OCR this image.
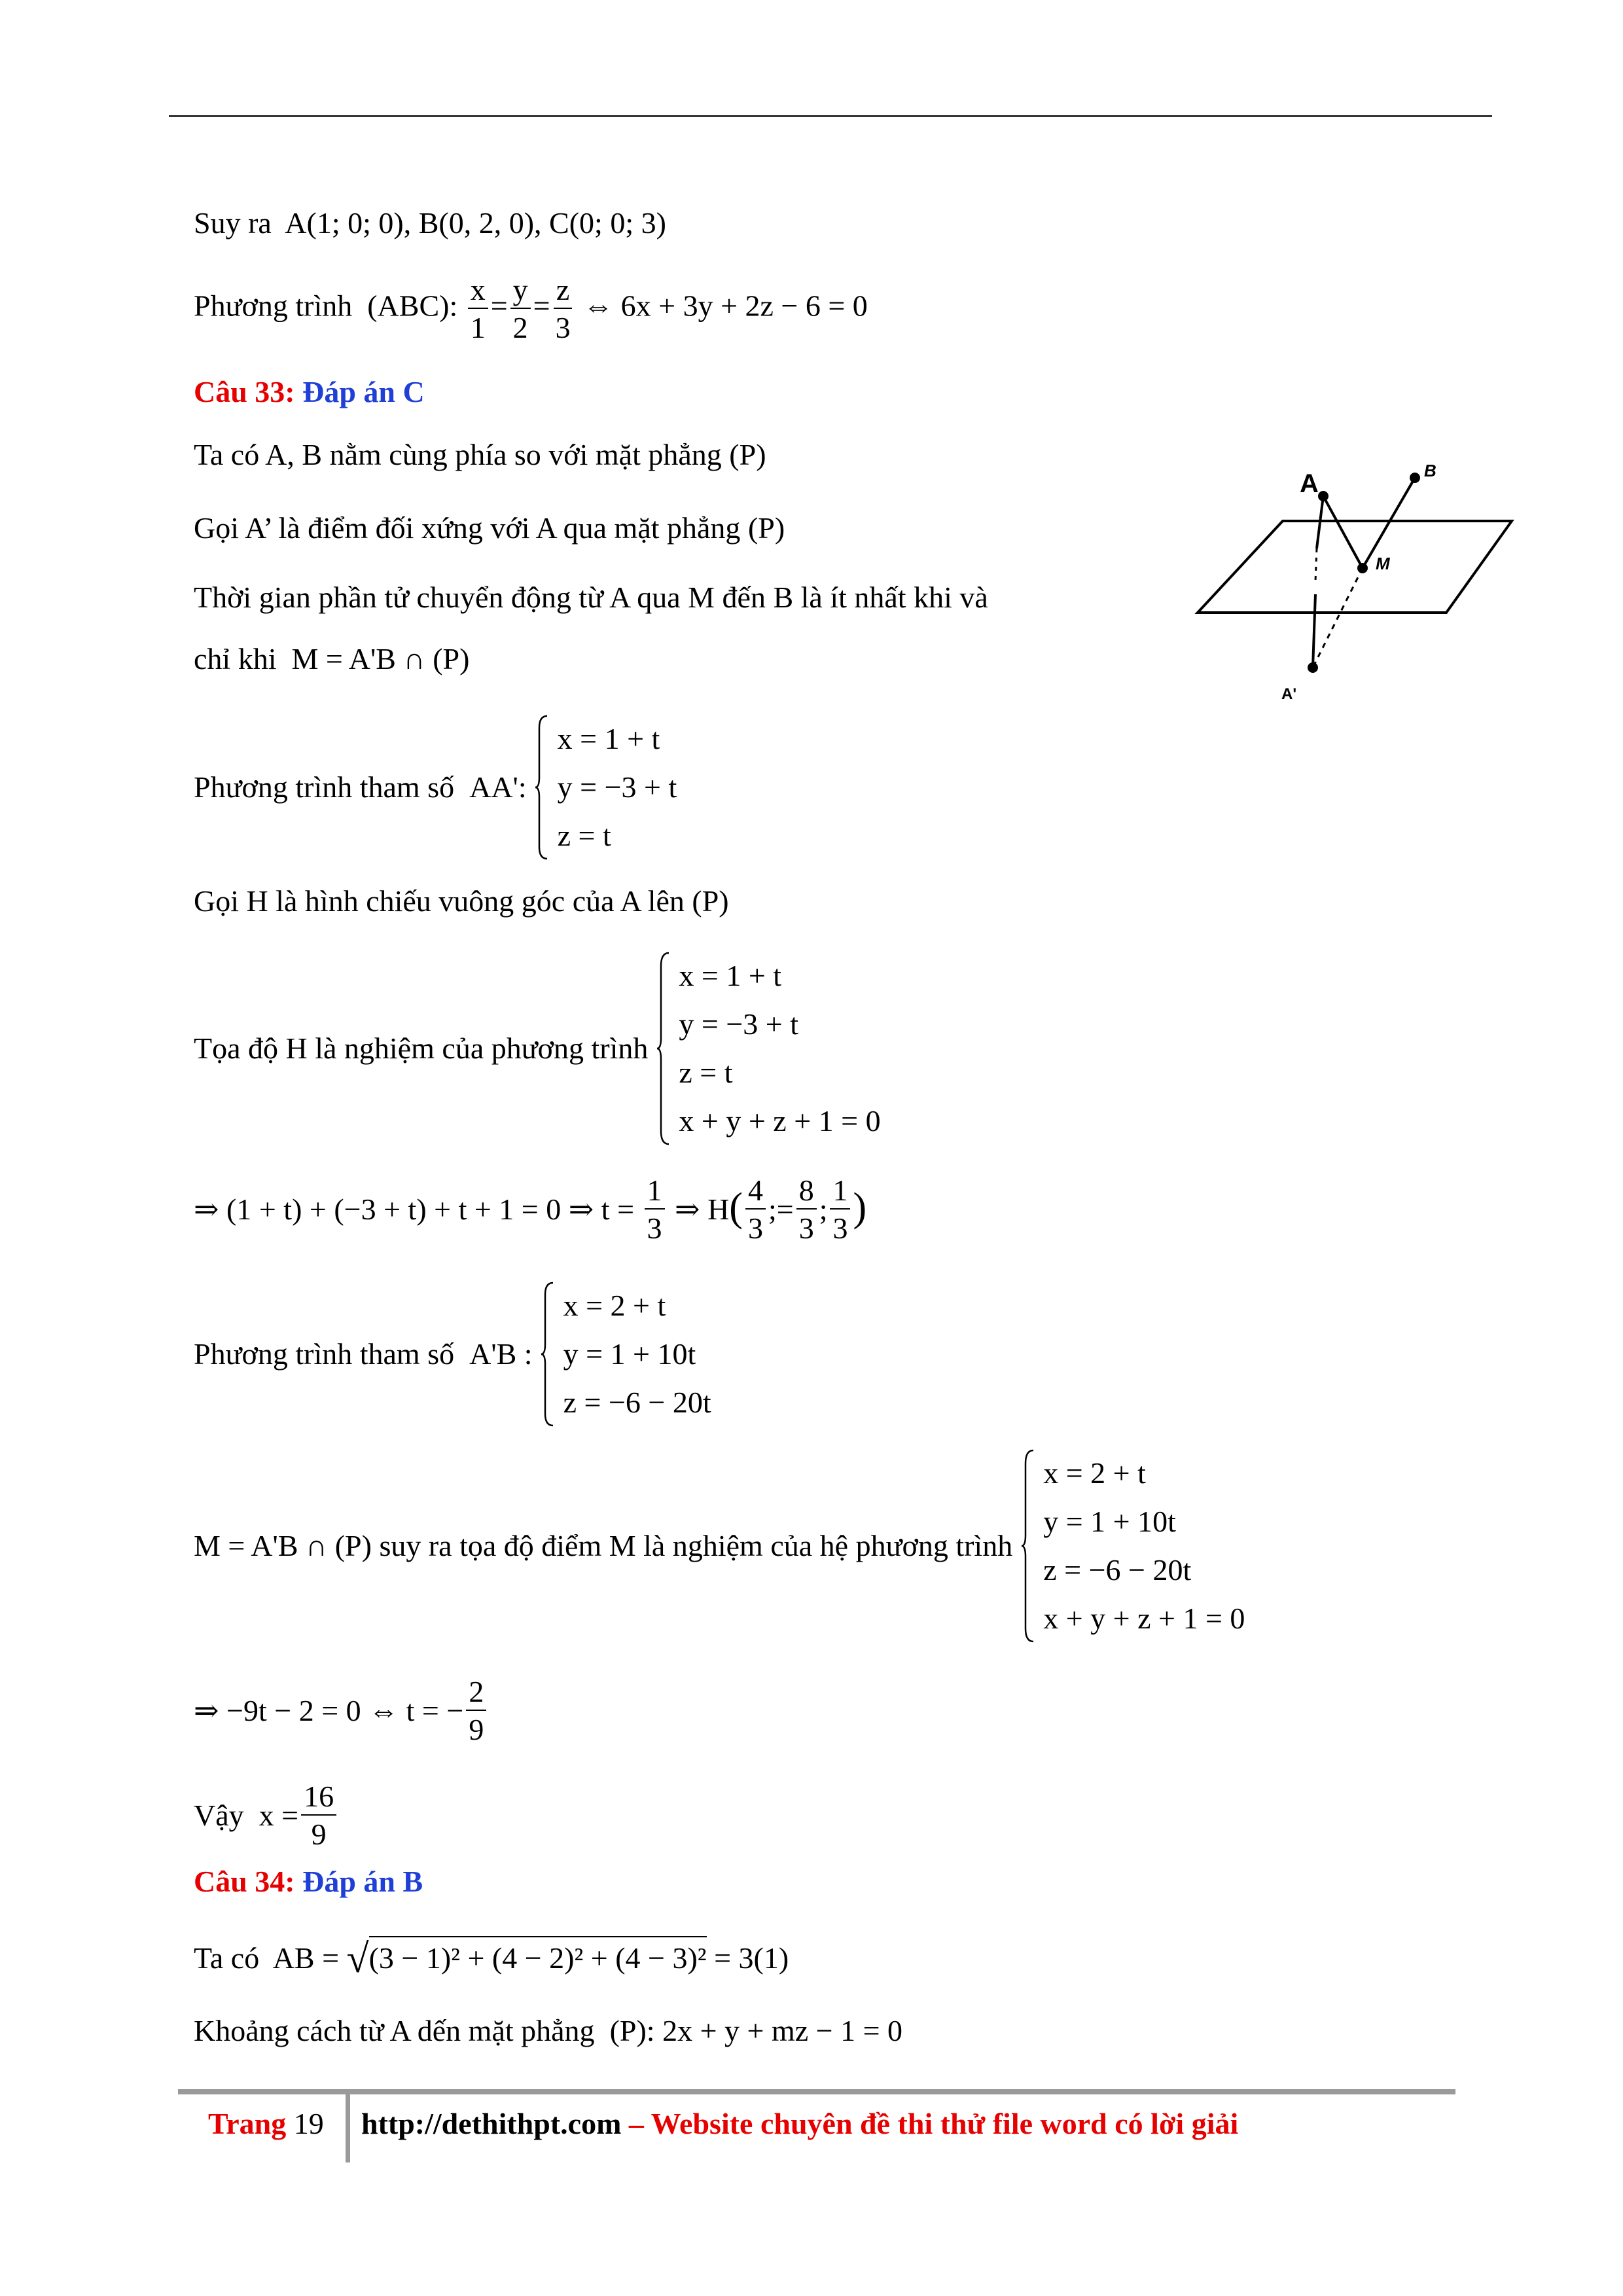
Suy ra A(1; 0; 0), B(0, 2, 0), C(0; 0; 3)
Phương trình (ABC): $\frac{x}{1} = \frac{y}{2} = \frac{z}{3}$ ⇔ 6x + 3y + 2z − 6 = 0
Câu 33: Đáp án C
Ta có A, B nằm cùng phía so với mặt phẳng (P)
Gọi A’ là điểm đối xứng với A qua mặt phẳng (P)
Thời gian phần tử chuyển động từ A qua M đến B là ít nhất khi và
chỉ khi M = A'B ∩ (P)
A	B
M
A'
Phương trình tham số AA':  x = 1 + t
y = −3 + t
z = t
Gọi H là hình chiếu vuông góc của A lên (P)
Tọa độ H là nghiệm của phương trình  x = 1 + t
y = −3 + t
z = t
x + y + z + 1 = 0
⇒ (1 + t) + (−3 + t) + t + 1 = 0 ⇒ $t = \frac{1}{3}$ ⇒ $H( \frac{4}{3}$ ;= $\frac{8}{3}$ ; $\frac{1}{3}$ )
Phương trình tham số A'B :  x = 2 + t
y = 1 + 10t
z = −6 − 20t
M = A'B ∩ (P) suy ra tọa độ điểm M là nghiệm của hệ phương trình  x = 2 + t
y = 1 + 10t
z = −6 − 20t
x + y + z + 1 = 0
⇒ −9t − 2 = 0 ⇔ t = − $\frac{2}{9}$
Vậy $x = \frac{16}{9}$
Câu 34: Đáp án B
Ta có AB = √(3 − 1)² + (4 − 2)² + (4 − 3)² = 3(1)
Khoảng cách từ A dến mặt phẳng (P): 2x + y + mz − 1 = 0
Trang 19 http://dethithpt.com – Website chuyên đề thi thử file word có lời giải
